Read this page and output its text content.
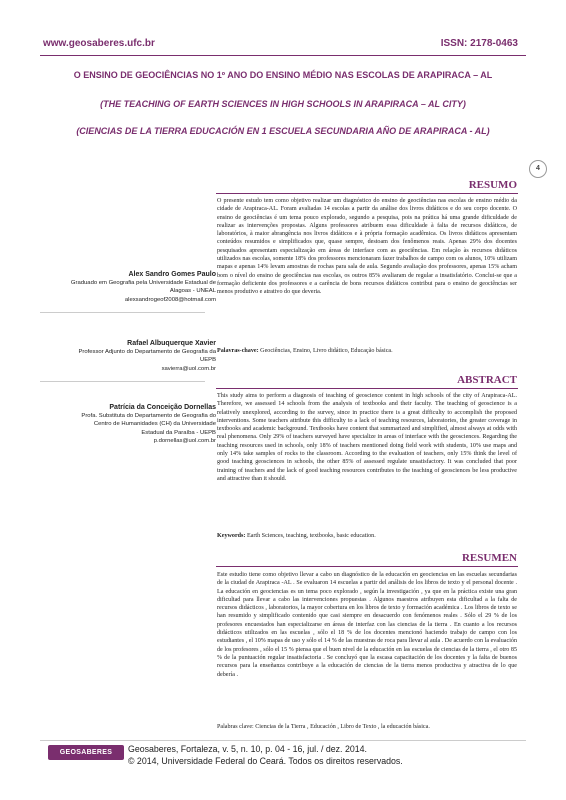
www.geosaberes.ufc.br	ISSN: 2178-0463
O ENSINO DE GEOCIÊNCIAS NO 1º ANO DO ENSINO MÉDIO NAS ESCOLAS DE ARAPIRACA – AL
(THE TEACHING OF EARTH SCIENCES IN HIGH SCHOOLS IN ARAPIRACA – AL CITY)
(CIENCIAS DE LA TIERRA EDUCACIÓN EN 1 ESCUELA SECUNDARIA AÑO DE ARAPIRACA - AL)
4
RESUMO

O presente estudo tem como objetivo realizar um diagnóstico do ensino de geociências nas escolas de ensino médio da cidade de Arapiraca-AL. Foram avaliadas 14 escolas a partir da análise dos livros didáticos e do seu corpo docente. O ensino de geociências é um tema pouco explorado, segundo a pesquisa, pois na prática há uma grande dificuldade de realizar as intervenções propostas. Alguns professores atribuem essa dificuldade à falta de recursos didáticos, de laboratórios, à maior abrangência nos livros didáticos e à própria formação acadêmica. Os livros didáticos apresentam conteúdos resumidos e simplificados que, quase sempre, destoam dos fenômenos reais. Apenas 29% dos docentes pesquisados apresentam especialização em áreas de interface com as geociências. Em relação às recursos didáticos utilizados nas escolas, somente 18% dos professores mencionaram fazer trabalhos de campo com os alunos, 10% utilizam mapas e apenas 14% levam amostras de rochas para sala de aula. Segundo avaliação dos professores, apenas 15% acham bom o nível do ensino de geociências nas escolas, os outros 85% avaliaram de regular a insatisfatório. Conclui-se que a formação deficiente dos professores e a carência de bons recursos didáticos contribui para o ensino de geociências ser menos produtivo e atrativo do que deveria.

Palavras-chave: Geociências, Ensino, Livro didático, Educação básica.

Alex Sandro Gomes Paulo
Graduado em Geografia pela Universidade Estadual de
Alagoas - UNEAL
alexsandrogeof2008@hotmail.com
Rafael Albuquerque Xavier
Professor Adjunto do Departamento de Geografia da
UEPB
xavierra@uol.com.br
Patrícia da Conceição Dornellas
Profa. Substituta do Departamento de Geografia do
Centro de Humanidades (CH) da Universidade
Estadual da Paraíba - UEPB
p.dornellas@uol.com.br
ABSTRACT

This study aims to perform a diagnosis of teaching of geoscience content in high schools of the city of Arapiraca-AL. Therefore, we assessed 14 schools from the analysis of textbooks and their faculty. The teaching of geoscience is a relatively unexplored, according to the survey, since in practice there is a great difficulty to accomplish the proposed interventions. Some teachers attribute this difficulty to a lack of teaching resources, laboratories, the greater coverage in textbooks and academic background. Textbooks have content that summarized and simplified, almost always at odds with real phenomena. Only 29% of teachers surveyed have specialize in areas of interface with the geosciences. Regarding the teaching resources used in schools, only 18% of teachers mentioned doing field work with students, 10% use maps and only 14% take samples of rocks to the classroom. According to the evaluation of teachers, only 15% think the level of good teaching geosciences in schools, the other 85% of assessed regulate unsatisfactory. It was concluded that poor training of teachers and the lack of good teaching resources contributes to the teaching of geosciences be less productive and attractive than it should.

Keywords: Earth Sciences, teaching, textbooks, basic education.

RESUMEN

Este estudio tiene como objetivo llevar a cabo un diagnóstico de la educación en geociencias en las escuelas secundarias de la ciudad de Arapiraca -AL . Se evaluaron 14 escuelas a partir del análisis de los libros de texto y el personal docente . La educación en geociencias es un tema poco explorado , según la investigación , ya que en la práctica existe una gran dificultad para llevar a cabo las intervenciones propuestas . Algunos maestros atribuyen esta dificultad a la falta de recursos didácticos , laboratorios, la mayor cobertura en los libros de texto y formación académica . Los libros de texto se han resumido y simplificado contenido que casi siempre en desacuerdo con fenómenos reales . Sólo el 29 % de los profesores encuestados han especializarse en áreas de interfaz con las ciencias de la tierra . En cuanto a los recursos didácticos utilizados en las escuelas , sólo el 18 % de los docentes mencionó haciendo trabajo de campo con los estudiantes , el 10% mapas de uso y sólo el 14 % de las muestras de roca para llevar al aula . De acuerdo con la evaluación de los profesores , sólo el 15 % piensa que el buen nivel de la educación en las escuelas de ciencias de la tierra , el otro 85 % de la puntuación regular insatisfactoria . Se concluyó que la escasa capacitación de los docentes y la falta de buenos recursos para la enseñanza contribuye a la educación de ciencias de la tierra menos productiva y atractiva de lo que debería .

Palabras clave: Ciencias de la Tierra , Educación , Libro de Texto , la educación básica.

GEOSABERES	Geosaberes, Fortaleza, v. 5, n. 10, p. 04 - 16, jul. / dez. 2014.
© 2014, Universidade Federal do Ceará. Todos os direitos reservados.
